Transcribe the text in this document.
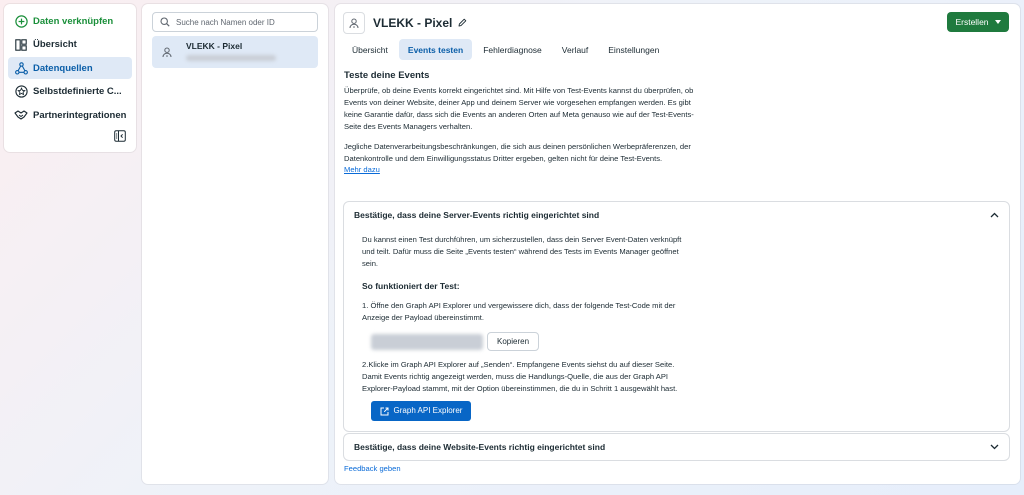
Daten verknüpfen
Übersicht
Datenquellen
Selbstdefinierte C...
Partnerintegrationen
Suche nach Namen oder ID
VLEKK - Pixel
VLEKK - Pixel	Erstellen
Übersicht	Events testen	Fehlerdiagnose	Verlauf	Einstellungen
Teste deine Events

Überprüfe, ob deine Events korrekt eingerichtet sind. Mit Hilfe von Test-Events kannst du überprüfen, ob Events von deiner Website, deiner App und deinem Server wie vorgesehen empfangen werden. Es gibt keine Garantie dafür, dass sich die Events an anderen Orten auf Meta genauso wie auf der Test-Events-Seite des Events Managers verhalten.

Jegliche Datenverarbeitungsbeschränkungen, die sich aus deinen persönlichen Werbepräferenzen, der Datenkontrolle und dem Einwilligungsstatus Dritter ergeben, gelten nicht für deine Test-Events.

Mehr dazu
Bestätige, dass deine Server-Events richtig eingerichtet sind
Du kannst einen Test durchführen, um sicherzustellen, dass dein Server Event-Daten verknüpft und teilt. Dafür muss die Seite „Events testen“ während des Tests im Events Manager geöffnet sein.
So funktioniert der Test:
1. Öffne den Graph API Explorer und vergewissere dich, dass der folgende Test-Code mit der Anzeige der Payload übereinstimmt.
Kopieren
2.Klicke im Graph API Explorer auf „Senden“. Empfangene Events siehst du auf dieser Seite. Damit Events richtig angezeigt werden, muss die Handlungs-Quelle, die aus der Graph API Explorer-Payload stammt, mit der Option übereinstimmen, die du in Schritt 1 ausgewählt hast.
Graph API Explorer
Bestätige, dass deine Website-Events richtig eingerichtet sind
Feedback geben
